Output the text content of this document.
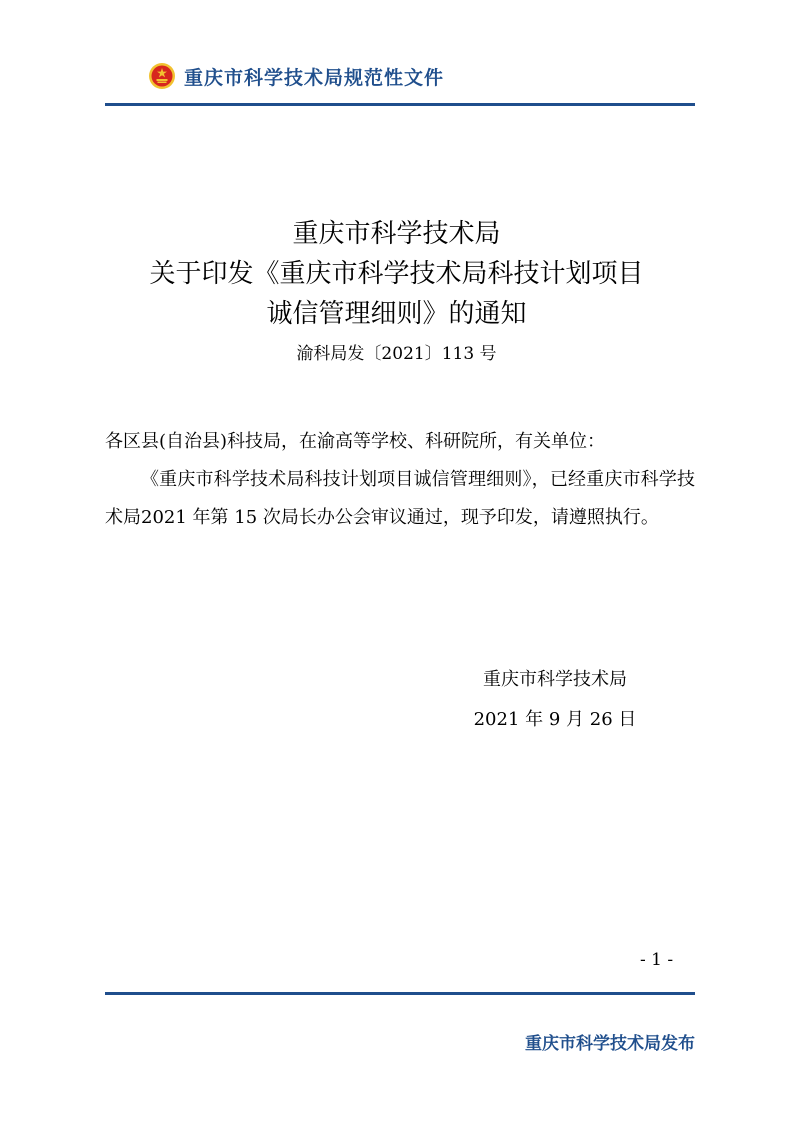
重庆市科学技术局规范性文件
重庆市科学技术局
关于印发《重庆市科学技术局科技计划项目
诚信管理细则》的通知
渝科局发〔2021〕113 号

各区县(自治县)科技局，在渝高等学校、科研院所，有关单位：

《重庆市科学技术局科技计划项目诚信管理细则》，已经重庆市科学技术局2021 年第 15 次局长办公会审议通过，现予印发，请遵照执行。

重庆市科学技术局
2021 年 9 月 26 日
- 1 -
重庆市科学技术局发布
